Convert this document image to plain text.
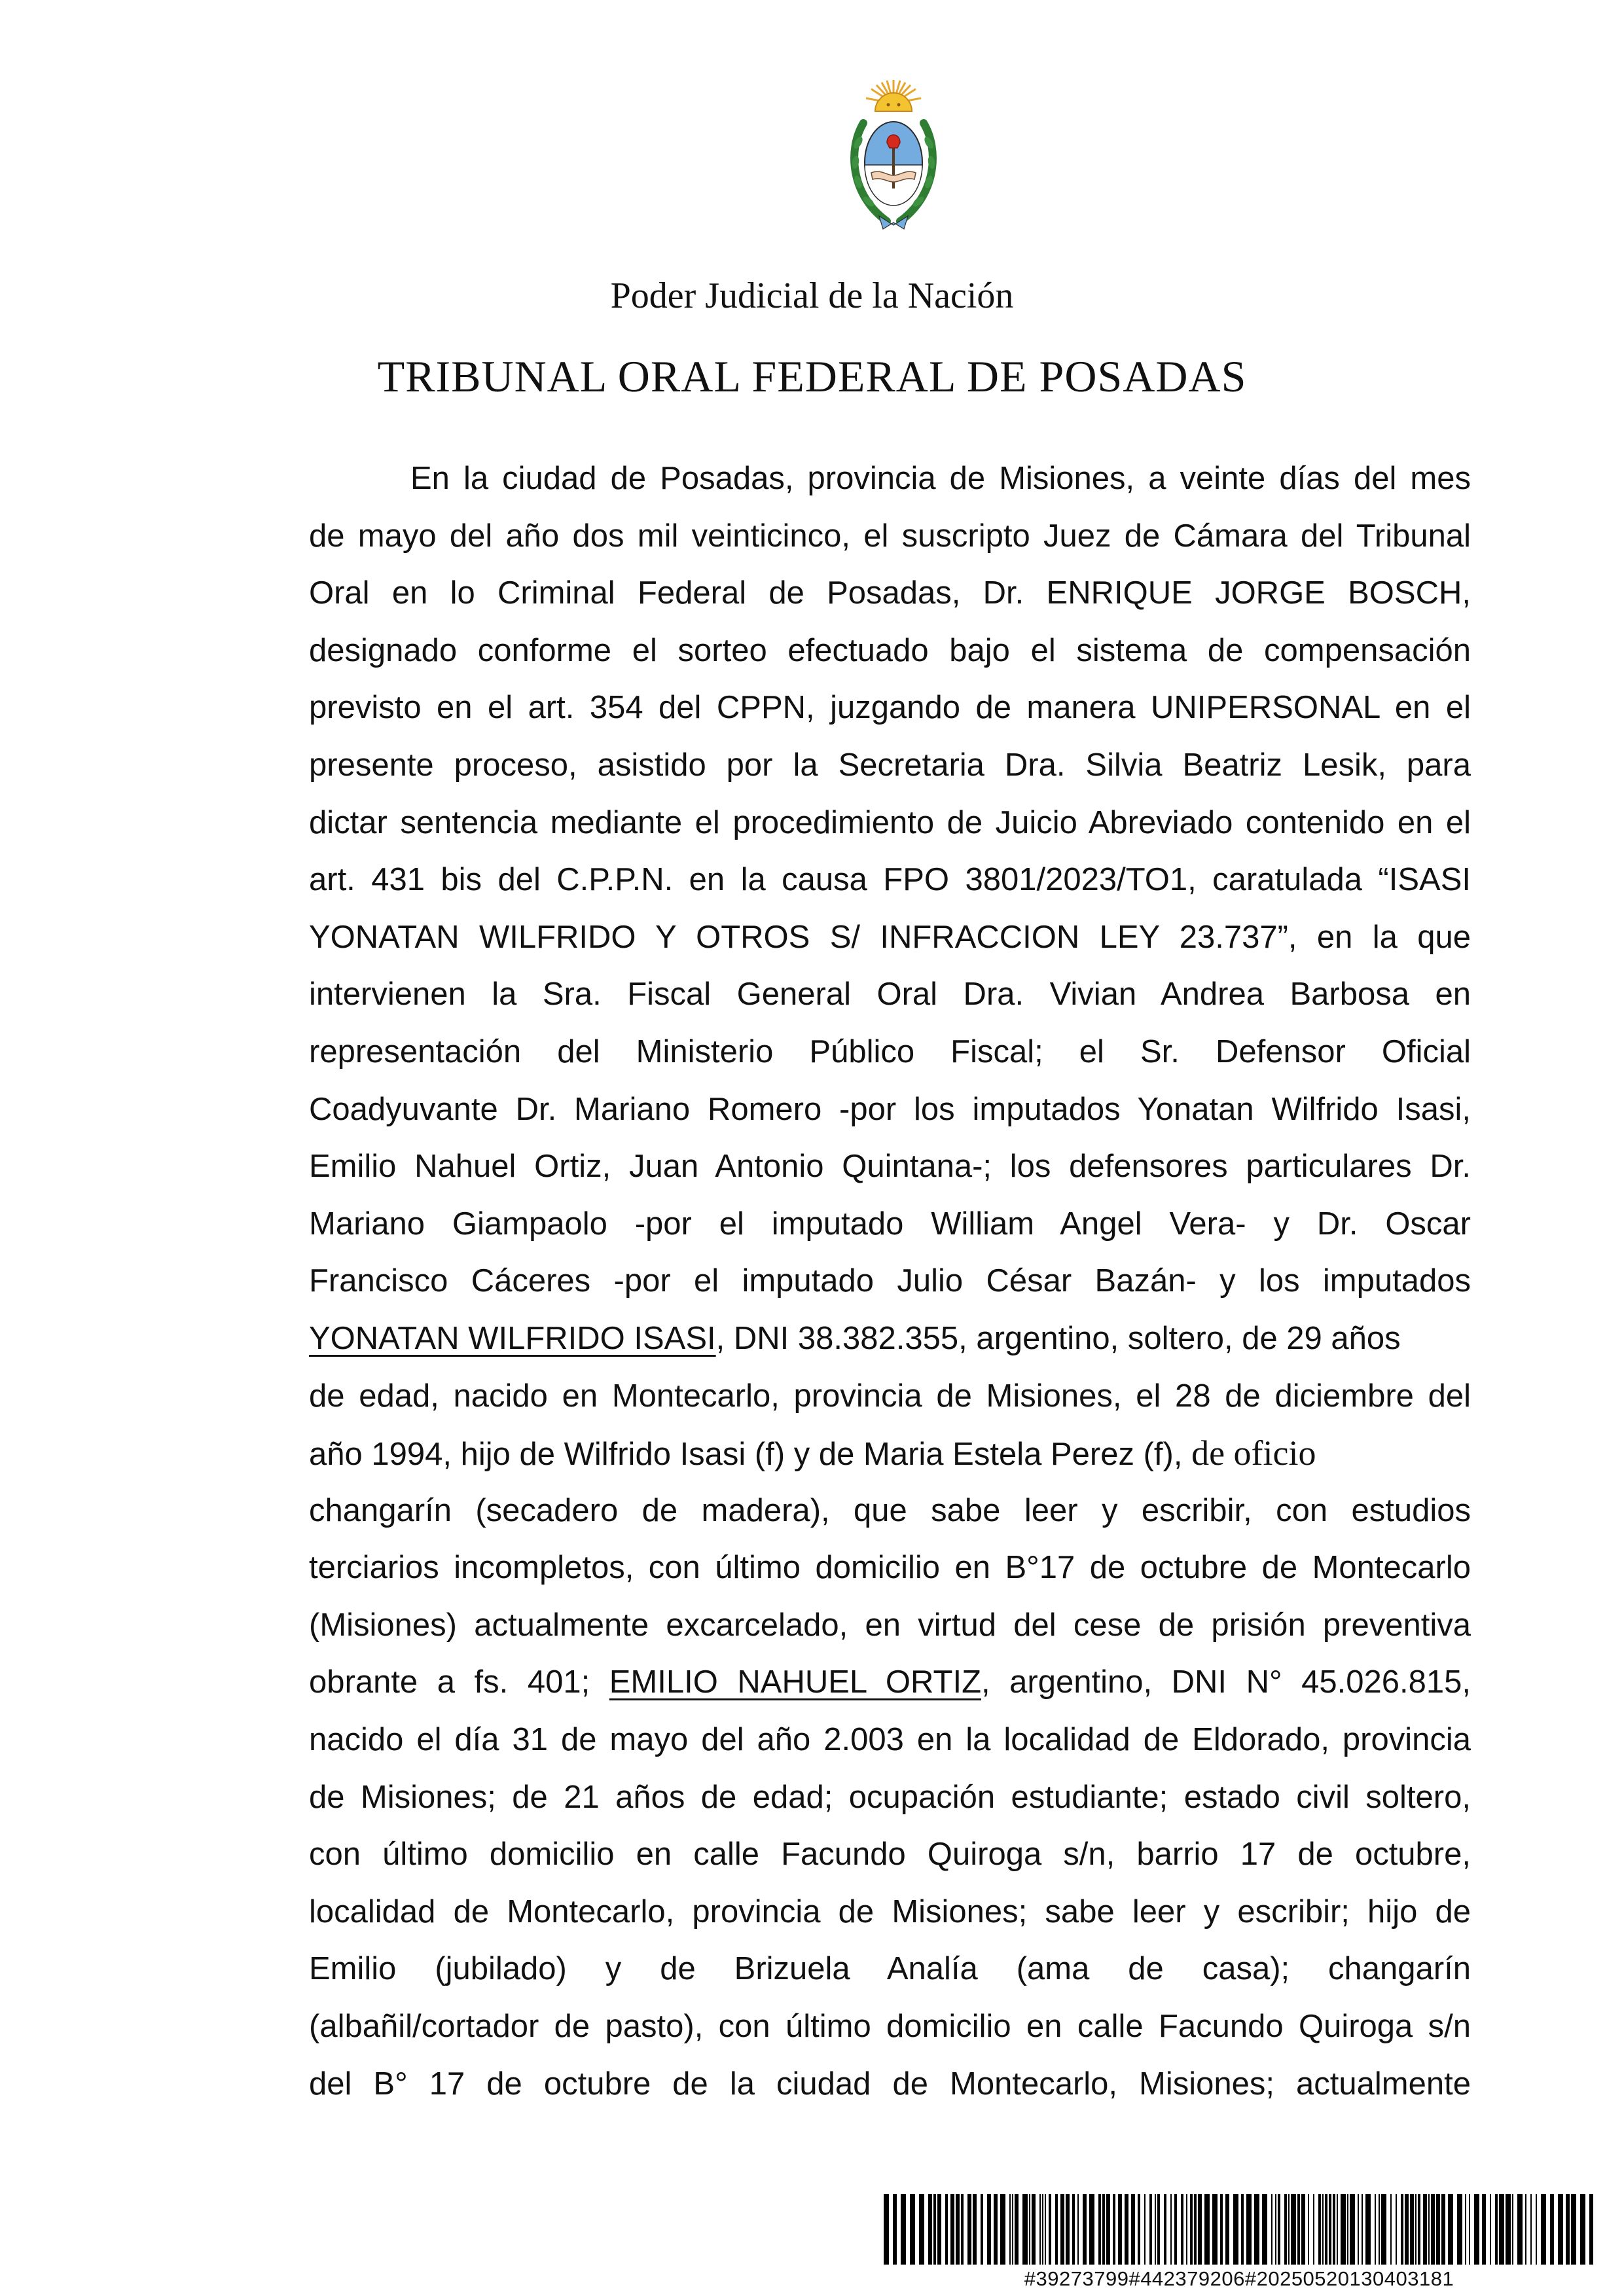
Poder Judicial de la Nación
TRIBUNAL ORAL FEDERAL DE POSADAS
En la ciudad de Posadas, provincia de Misiones, a veinte días del mes
de mayo del año dos mil veinticinco, el suscripto Juez de Cámara del Tribunal
Oral en lo Criminal Federal de Posadas, Dr. ENRIQUE JORGE BOSCH,
designado conforme el sorteo efectuado bajo el sistema de compensación
previsto en el art. 354 del CPPN, juzgando de manera UNIPERSONAL en el
presente proceso, asistido por la Secretaria Dra. Silvia Beatriz Lesik, para
dictar sentencia mediante el procedimiento de Juicio Abreviado contenido en el
art. 431 bis del C.P.P.N. en la causa FPO 3801/2023/TO1, caratulada “ISASI
YONATAN WILFRIDO Y OTROS S/ INFRACCION LEY 23.737”, en la que
intervienen la Sra. Fiscal General Oral Dra. Vivian Andrea Barbosa en
representación del Ministerio Público Fiscal; el Sr. Defensor Oficial
Coadyuvante Dr. Mariano Romero -por los imputados Yonatan Wilfrido Isasi,
Emilio Nahuel Ortiz, Juan Antonio Quintana-; los defensores particulares Dr.
Mariano Giampaolo -por el imputado William Angel Vera- y Dr. Oscar
Francisco Cáceres -por el imputado Julio César Bazán- y los imputados
YONATAN WILFRIDO ISASI, DNI 38.382.355, argentino, soltero, de 29 años
de edad, nacido en Montecarlo, provincia de Misiones, el 28 de diciembre del
año 1994, hijo de Wilfrido Isasi (f) y de Maria Estela Perez (f), de oficio
changarín (secadero de madera), que sabe leer y escribir, con estudios
terciarios incompletos, con último domicilio en B°17 de octubre de Montecarlo
(Misiones) actualmente excarcelado, en virtud del cese de prisión preventiva
obrante a fs. 401; EMILIO NAHUEL ORTIZ, argentino, DNI N° 45.026.815,
nacido el día 31 de mayo del año 2.003 en la localidad de Eldorado, provincia
de Misiones; de 21 años de edad; ocupación estudiante; estado civil soltero,
con último domicilio en calle Facundo Quiroga s/n, barrio 17 de octubre,
localidad de Montecarlo, provincia de Misiones; sabe leer y escribir; hijo de
Emilio (jubilado) y de Brizuela Analía (ama de casa); changarín
(albañil/cortador de pasto), con último domicilio en calle Facundo Quiroga s/n
del B° 17 de octubre de la ciudad de Montecarlo, Misiones; actualmente
#39273799#442379206#20250520130403181
